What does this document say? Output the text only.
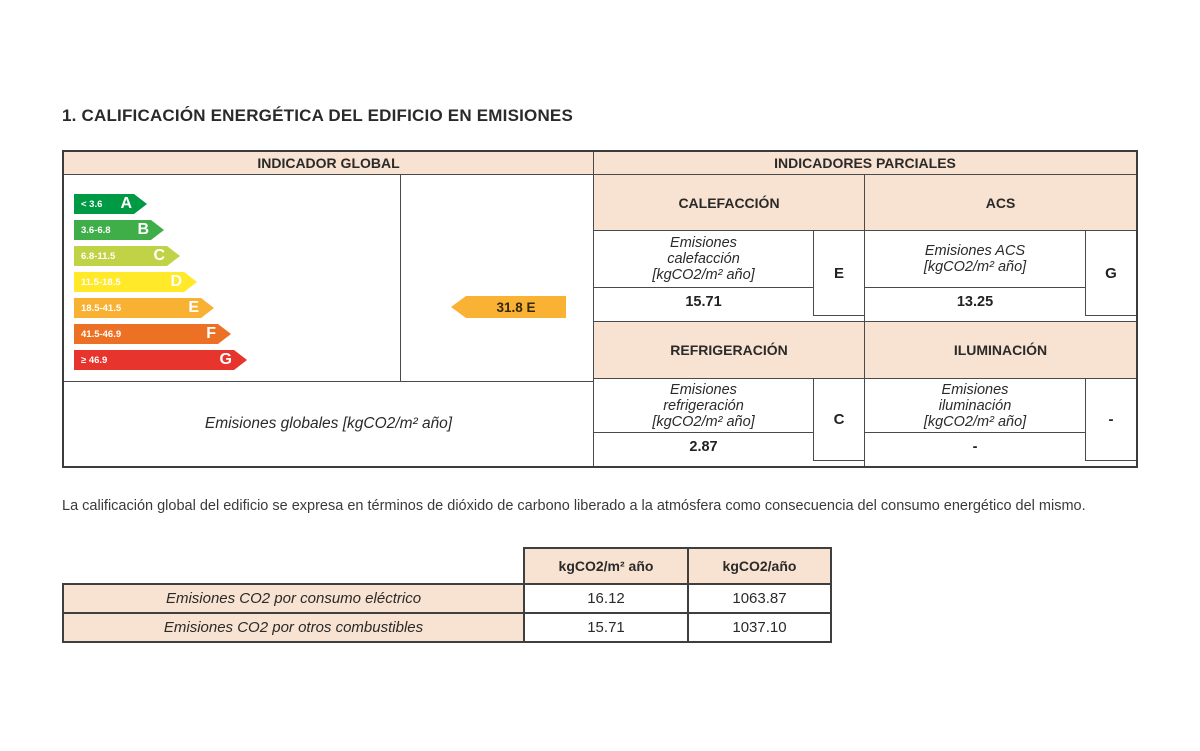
1. CALIFICACIÓN ENERGÉTICA DEL EDIFICIO EN EMISIONES
INDICADOR GLOBAL	INDICADORES PARCIALES
< 3.6 A
3.6-6.8 B
6.8-11.5 C
11.5-18.5	D
18.5-41.5	E
41.5-46.9	F
≥ 46.9	G
31.8 E
Emisiones globales [kgCO2/m² año]
CALEFACCIÓN	ACS
Emisiones
calefacción
[kgCO2/m² año]	E
15.71
Emisiones ACS
[kgCO2/m² año]	G
13.25
REFRIGERACIÓN	ILUMINACIÓN
Emisiones
refrigeración
[kgCO2/m² año]	C
2.87
Emisiones
iluminación
[kgCO2/m² año]	-
-
La calificación global del edificio se expresa en términos de dióxido de carbono liberado a la atmósfera como consecuencia del consumo energético del mismo.
	kgCO2/m² año	kgCO2/año
Emisiones CO2 por consumo eléctrico	16.12	1063.87
Emisiones CO2 por otros combustibles	15.71	1037.10
